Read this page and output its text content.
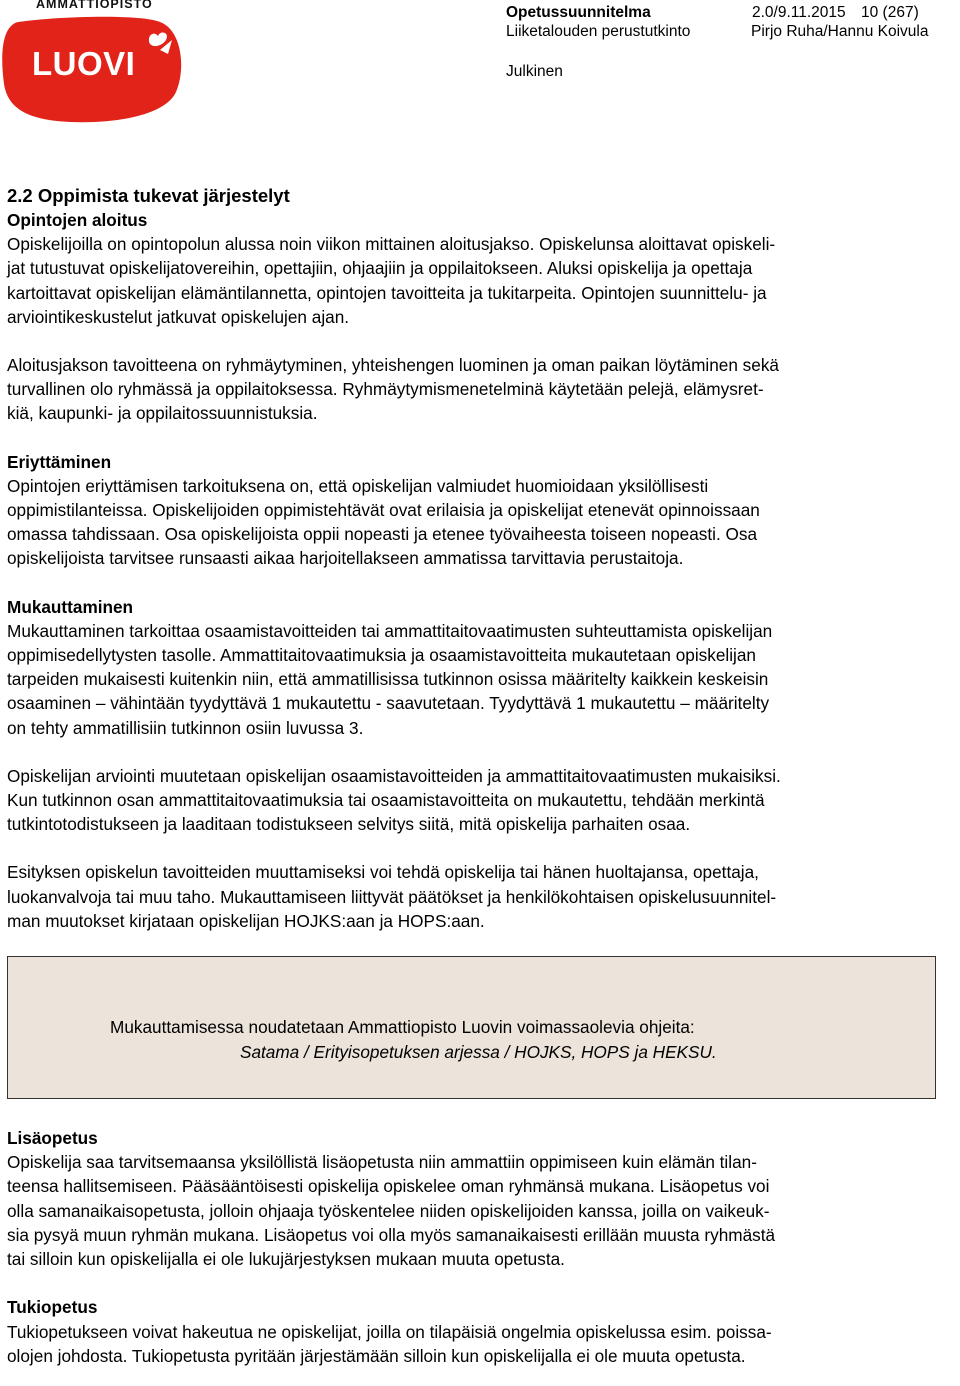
AMMATTIOPISTO
LUOVI
Opetussuunnitelma	2.0/9.11.2015 10 (267)
Liiketalouden perustutkinto	Pirjo Ruha/Hannu Koivula
Julkinen

2.2 Oppimista tukevat järjestelyt

Opintojen aloitus

Opiskelijoilla on opintopolun alussa noin viikon mittainen aloitusjakso. Opiskelunsa aloittavat opiskeli-

jat tutustuvat opiskelijatovereihin, opettajiin, ohjaajiin ja oppilaitokseen. Aluksi opiskelija ja opettaja

kartoittavat opiskelijan elämäntilannetta, opintojen tavoitteita ja tukitarpeita. Opintojen suunnittelu- ja

arviointikeskustelut jatkuvat opiskelujen ajan.

Aloitusjakson tavoitteena on ryhmäytyminen, yhteishengen luominen ja oman paikan löytäminen sekä

turvallinen olo ryhmässä ja oppilaitoksessa. Ryhmäytymismenetelminä käytetään pelejä, elämysret-

kiä, kaupunki- ja oppilaitossuunnistuksia.

Eriyttäminen

Opintojen eriyttämisen tarkoituksena on, että opiskelijan valmiudet huomioidaan yksilöllisesti

oppimistilanteissa. Opiskelijoiden oppimistehtävät ovat erilaisia ja opiskelijat etenevät opinnoissaan

omassa tahdissaan. Osa opiskelijoista oppii nopeasti ja etenee työvaiheesta toiseen nopeasti. Osa

opiskelijoista tarvitsee runsaasti aikaa harjoitellakseen ammatissa tarvittavia perustaitoja.

Mukauttaminen

Mukauttaminen tarkoittaa osaamistavoitteiden tai ammattitaitovaatimusten suhteuttamista opiskelijan

oppimisedellytysten tasolle. Ammattitaitovaatimuksia ja osaamistavoitteita mukautetaan opiskelijan

tarpeiden mukaisesti kuitenkin niin, että ammatillisissa tutkinnon osissa määritelty kaikkein keskeisin

osaaminen – vähintään tyydyttävä 1 mukautettu - saavutetaan. Tyydyttävä 1 mukautettu – määritelty

on tehty ammatillisiin tutkinnon osiin luvussa 3.

Opiskelijan arviointi muutetaan opiskelijan osaamistavoitteiden ja ammattitaitovaatimusten mukaisiksi.

Kun tutkinnon osan ammattitaitovaatimuksia tai osaamistavoitteita on mukautettu, tehdään merkintä

tutkintotodistukseen ja laaditaan todistukseen selvitys siitä, mitä opiskelija parhaiten osaa.

Esityksen opiskelun tavoitteiden muuttamiseksi voi tehdä opiskelija tai hänen huoltajansa, opettaja,

luokanvalvoja tai muu taho. Mukauttamiseen liittyvät päätökset ja henkilökohtaisen opiskelusuunnitel-

man muutokset kirjataan opiskelijan HOJKS:aan ja HOPS:aan.

Mukauttamisessa noudatetaan Ammattiopisto Luovin voimassaolevia ohjeita:
Satama / Erityisopetuksen arjessa / HOJKS, HOPS ja HEKSU.

Lisäopetus

Opiskelija saa tarvitsemaansa yksilöllistä lisäopetusta niin ammattiin oppimiseen kuin elämän tilan-

teensa hallitsemiseen. Pääsääntöisesti opiskelija opiskelee oman ryhmänsä mukana. Lisäopetus voi

olla samanaikaisopetusta, jolloin ohjaaja työskentelee niiden opiskelijoiden kanssa, joilla on vaikeuk-

sia pysyä muun ryhmän mukana. Lisäopetus voi olla myös samanaikaisesti erillään muusta ryhmästä

tai silloin kun opiskelijalla ei ole lukujärjestyksen mukaan muuta opetusta.

Tukiopetus

Tukiopetukseen voivat hakeutua ne opiskelijat, joilla on tilapäisiä ongelmia opiskelussa esim. poissa-

olojen johdosta. Tukiopetusta pyritään järjestämään silloin kun opiskelijalla ei ole muuta opetusta.
